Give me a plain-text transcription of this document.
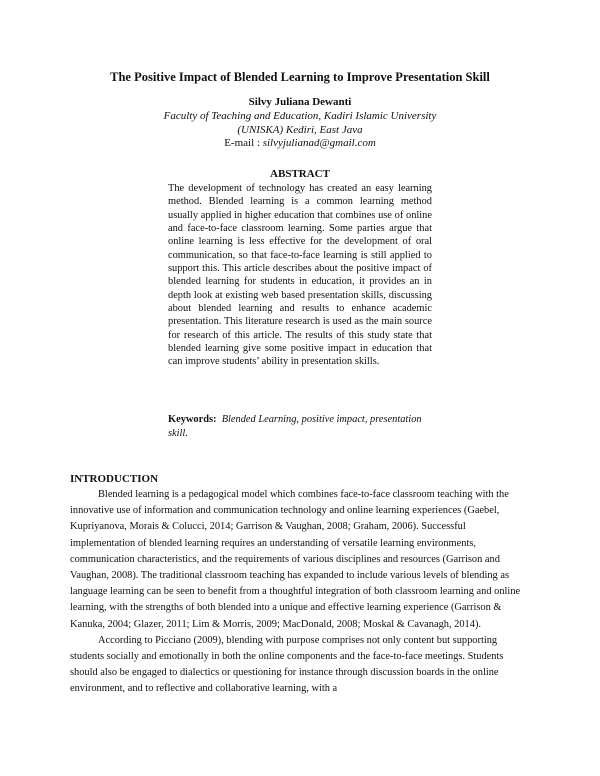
The Positive Impact of Blended Learning to Improve Presentation Skill
Silvy Juliana Dewanti
Faculty of Teaching and Education, Kadiri Islamic University
(UNISKA) Kediri, East Java
E-mail : silvyjulianad@gmail.com
ABSTRACT
The development of technology has created an easy learning method. Blended learning is a common learning method usually applied in higher education that combines use of online and face-to-face classroom learning. Some parties argue that online learning is less effective for the development of oral communication, so that face-to-face learning is still applied to support this. This article describes about the positive impact of blended learning for students in education, it provides an in depth look at existing web based presentation skills, discussing about blended learning and results to enhance academic presentation. This literature research is used as the main source for research of this article. The results of this study state that blended learning give some positive impact in education that can improve students’ ability in presentation skills.
Keywords: Blended Learning, positive impact, presentation skill.
INTRODUCTION

Blended learning is a pedagogical model which combines face-to-face classroom teaching with the innovative use of information and communication technology and online learning experiences (Gaebel, Kupriyanova, Morais & Colucci, 2014; Garrison & Vaughan, 2008; Graham, 2006). Successful implementation of blended learning requires an understanding of versatile learning environments, communication characteristics, and the requirements of various disciplines and resources (Garrison and Vaughan, 2008). The traditional classroom teaching has expanded to include various levels of blending as language learning can be seen to benefit from a thoughtful integration of both classroom learning and online learning, with the strengths of both blended into a unique and effective learning experience (Garrison & Kanuka, 2004; Glazer, 2011; Lim & Morris, 2009; MacDonald, 2008; Moskal & Cavanagh, 2014).

According to Picciano (2009), blending with purpose comprises not only content but supporting students socially and emotionally in both the online components and the face-to-face meetings. Students should also be engaged to dialectics or questioning for instance through discussion boards in the online environment, and to reflective and collaborative learning, with a
